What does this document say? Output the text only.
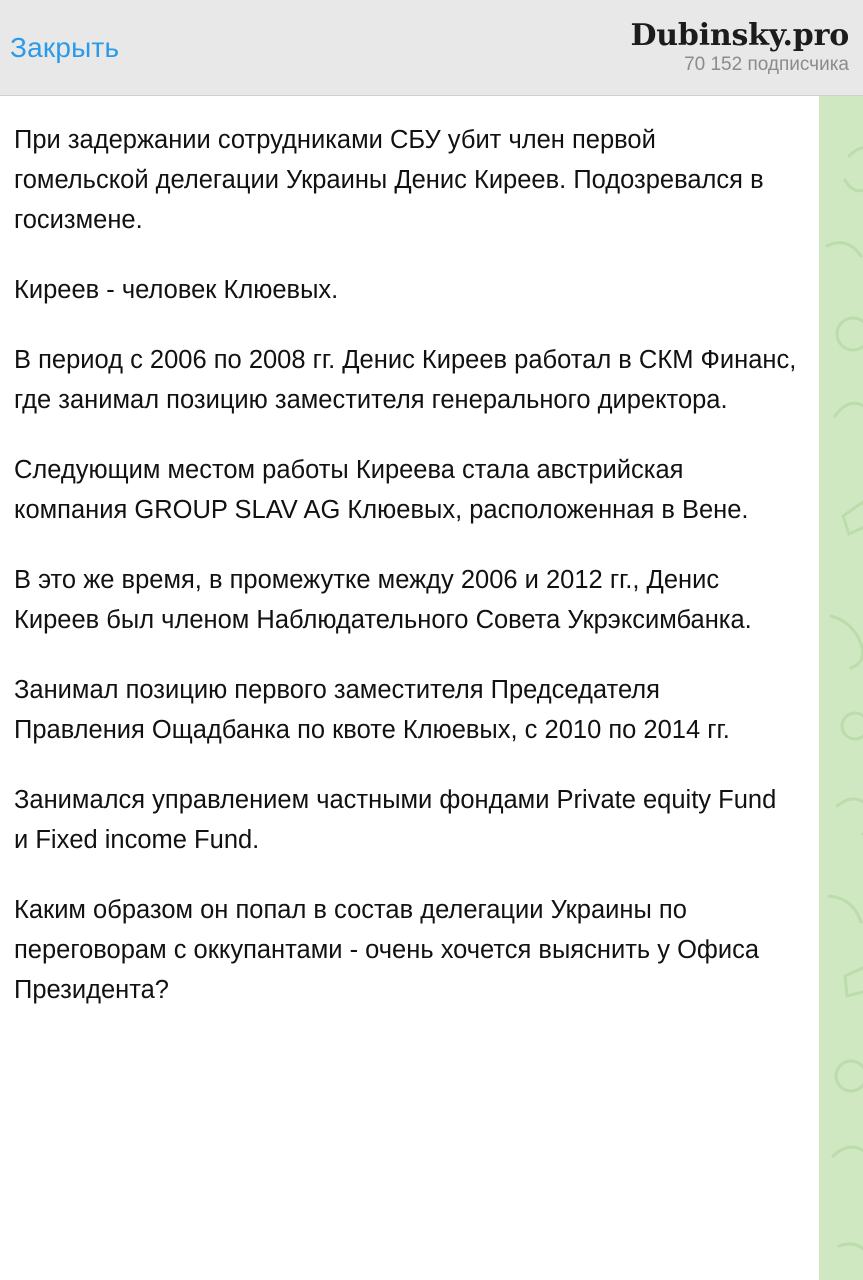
Закрыть	Dubinsky.pro
70 152 подписчика

При задержании сотрудниками СБУ убит член первой гомельской делегации Украины Денис Киреев. Подозревался в госизмене.

Киреев - человек Клюевых.

В период с 2006 по 2008 гг. Денис Киреев работал в СКМ Финанс, где занимал позицию заместителя генерального директора.

Следующим местом работы Киреева стала австрийская компания GROUP SLAV AG Клюевых, расположенная в Вене.

В это же время, в промежутке между 2006 и 2012 гг., Денис Киреев был членом Наблюдательного Совета Укрэксимбанка.

Занимал позицию первого заместителя Председателя Правления Ощадбанка по квоте Клюевых, с 2010 по 2014 гг.

Занимался управлением частными фондами Private equity Fund и Fixed income Fund.

Каким образом он попал в состав делегации Украины по переговорам с оккупантами - очень хочется выяснить у Офиса Президента?
